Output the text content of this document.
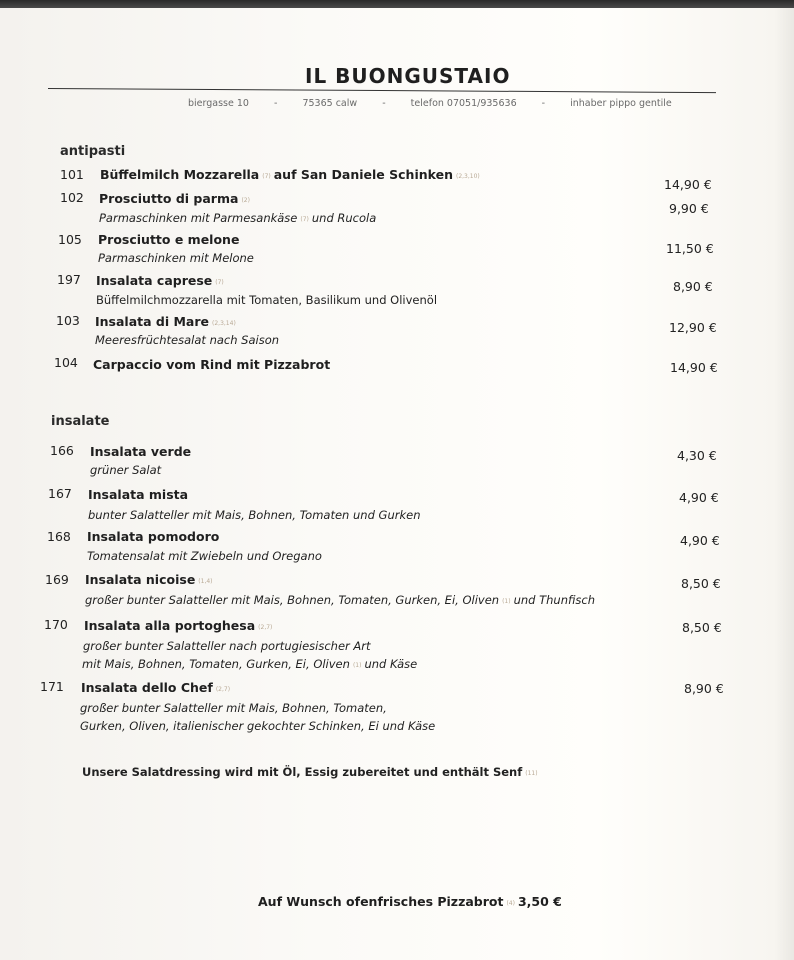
IL BUONGUSTAIO
biergasse 10	-	75365 calw	-	telefon 07051/935636	-	inhaber pippo gentile
antipasti
101 Büffelmilch Mozzarella (7) auf San Daniele Schinken (2,3,10)
14,90 €
102 Prosciutto di parma (2)
Parmaschinken mit Parmesankäse (7) und Rucola
9,90 €
105 Prosciutto e melone
Parmaschinken mit Melone
11,50 €
197 Insalata caprese (7)
Büffelmilchmozzarella mit Tomaten, Basilikum und Olivenöl
8,90 €
103 Insalata di Mare (2,3,14)
Meeresfrüchtesalat nach Saison
12,90 €
104 Carpaccio vom Rind mit Pizzabrot	14,90 €
insalate
166 Insalata verde
grüner Salat
4,30 €
167 Insalata mista
bunter Salatteller mit Mais, Bohnen, Tomaten und Gurken
4,90 €
168 Insalata pomodoro
Tomatensalat mit Zwiebeln und Oregano
4,90 €
169 Insalata nicoise (1,4)
großer bunter Salatteller mit Mais, Bohnen, Tomaten, Gurken, Ei, Oliven (1) und Thunfisch
8,50 €
170 Insalata alla portoghesa (2,7)
großer bunter Salatteller nach portugiesischer Art
mit Mais, Bohnen, Tomaten, Gurken, Ei, Oliven (1) und Käse
8,50 €
171 Insalata dello Chef (2,7)
großer bunter Salatteller mit Mais, Bohnen, Tomaten,
Gurken, Oliven, italienischer gekochter Schinken, Ei und Käse
8,90 €
Unsere Salatdressing wird mit Öl, Essig zubereitet und enthält Senf (11)
Auf Wunsch ofenfrisches Pizzabrot (4) 3,50 €
